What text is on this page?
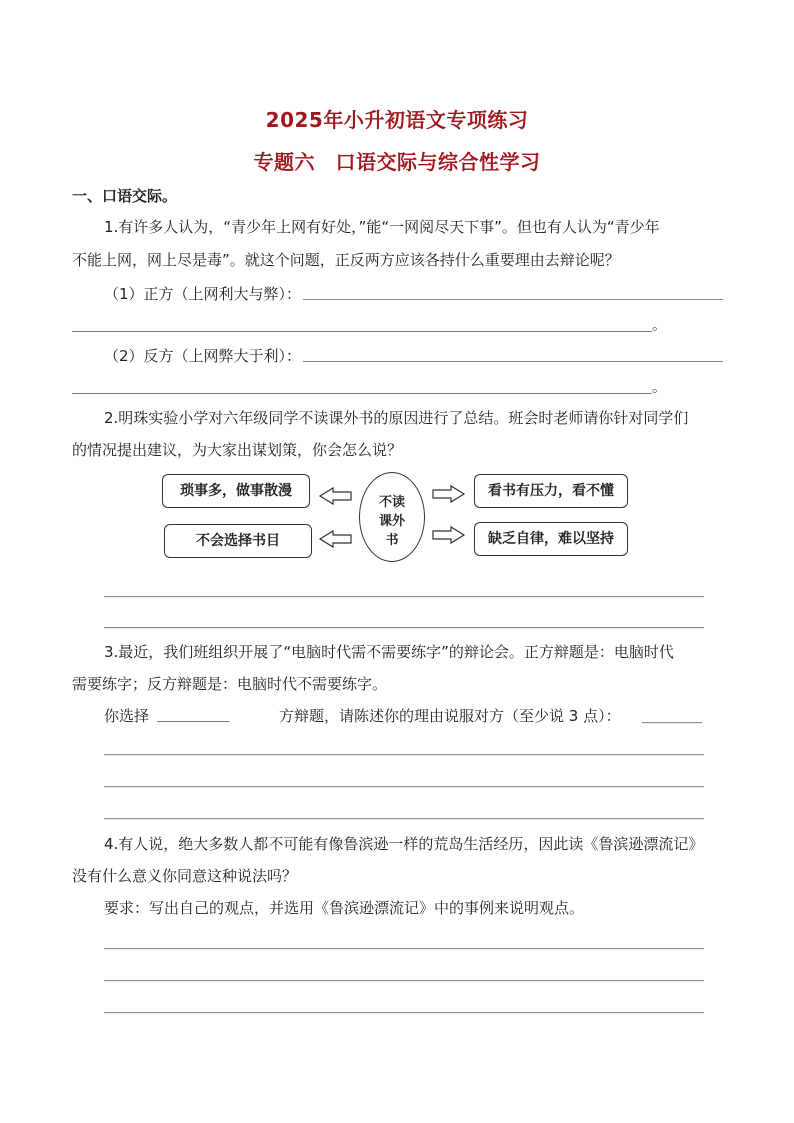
2025年小升初语文专项练习
专题六　口语交际与综合性学习
一、口语交际。
1.有许多人认为，“青少年上网有好处，”能“一网阅尽天下事”。但也有人认为“青少年
不能上网，网上尽是毒”。就这个问题，正反两方应该各持什么重要理由去辩论呢？
（1）正方（上网利大与弊）： ＿＿＿＿＿＿＿＿＿＿＿＿＿＿＿＿＿＿＿＿＿＿＿＿＿＿＿＿＿＿
＿＿＿＿＿＿＿＿＿＿＿＿＿＿＿＿＿＿＿＿＿＿＿＿＿＿＿＿＿＿＿＿＿＿＿＿＿＿＿＿。
（2）反方（上网弊大于利）： ＿＿＿＿＿＿＿＿＿＿＿＿＿＿＿＿＿＿＿＿＿＿＿＿＿＿＿＿＿＿
＿＿＿＿＿＿＿＿＿＿＿＿＿＿＿＿＿＿＿＿＿＿＿＿＿＿＿＿＿＿＿＿＿＿＿＿＿＿＿＿。
2.明珠实验小学对六年级同学不读课外书的原因进行了总结。班会时老师请你针对同学们
的情况提出建议，为大家出谋划策，你会怎么说？
琐事多，做事散漫
不会选择书目
看书有压力，看不懂
缺乏自律，难以坚持
不读
课外
书
＿＿＿＿＿＿＿＿＿＿＿＿＿＿＿＿＿＿＿＿＿＿＿＿＿＿＿＿＿＿＿＿＿＿＿＿＿＿＿＿
＿＿＿＿＿＿＿＿＿＿＿＿＿＿＿＿＿＿＿＿＿＿＿＿＿＿＿＿＿＿＿＿＿＿＿＿＿＿＿＿
3.最近，我们班组织开展了“电脑时代需不需要练字”的辩论会。正方辩题是：电脑时代
需要练字；反方辩题是：电脑时代不需要练字。
你选择 ＿＿＿＿＿	方辩题，请陈述你的理由说服对方（至少说 3 点）： ＿＿＿＿
＿＿＿＿＿＿＿＿＿＿＿＿＿＿＿＿＿＿＿＿＿＿＿＿＿＿＿＿＿＿＿＿＿＿＿＿＿＿＿＿
＿＿＿＿＿＿＿＿＿＿＿＿＿＿＿＿＿＿＿＿＿＿＿＿＿＿＿＿＿＿＿＿＿＿＿＿＿＿＿＿
＿＿＿＿＿＿＿＿＿＿＿＿＿＿＿＿＿＿＿＿＿＿＿＿＿＿＿＿＿＿＿＿＿＿＿＿＿＿＿＿
4.有人说，绝大多数人都不可能有像鲁滨逊一样的荒岛生活经历，因此读《鲁滨逊漂流记》
没有什么意义你同意这种说法吗？
要求：写出自己的观点，并选用《鲁滨逊漂流记》中的事例来说明观点。
＿＿＿＿＿＿＿＿＿＿＿＿＿＿＿＿＿＿＿＿＿＿＿＿＿＿＿＿＿＿＿＿＿＿＿＿＿＿＿＿
＿＿＿＿＿＿＿＿＿＿＿＿＿＿＿＿＿＿＿＿＿＿＿＿＿＿＿＿＿＿＿＿＿＿＿＿＿＿＿＿
＿＿＿＿＿＿＿＿＿＿＿＿＿＿＿＿＿＿＿＿＿＿＿＿＿＿＿＿＿＿＿＿＿＿＿＿＿＿＿＿
